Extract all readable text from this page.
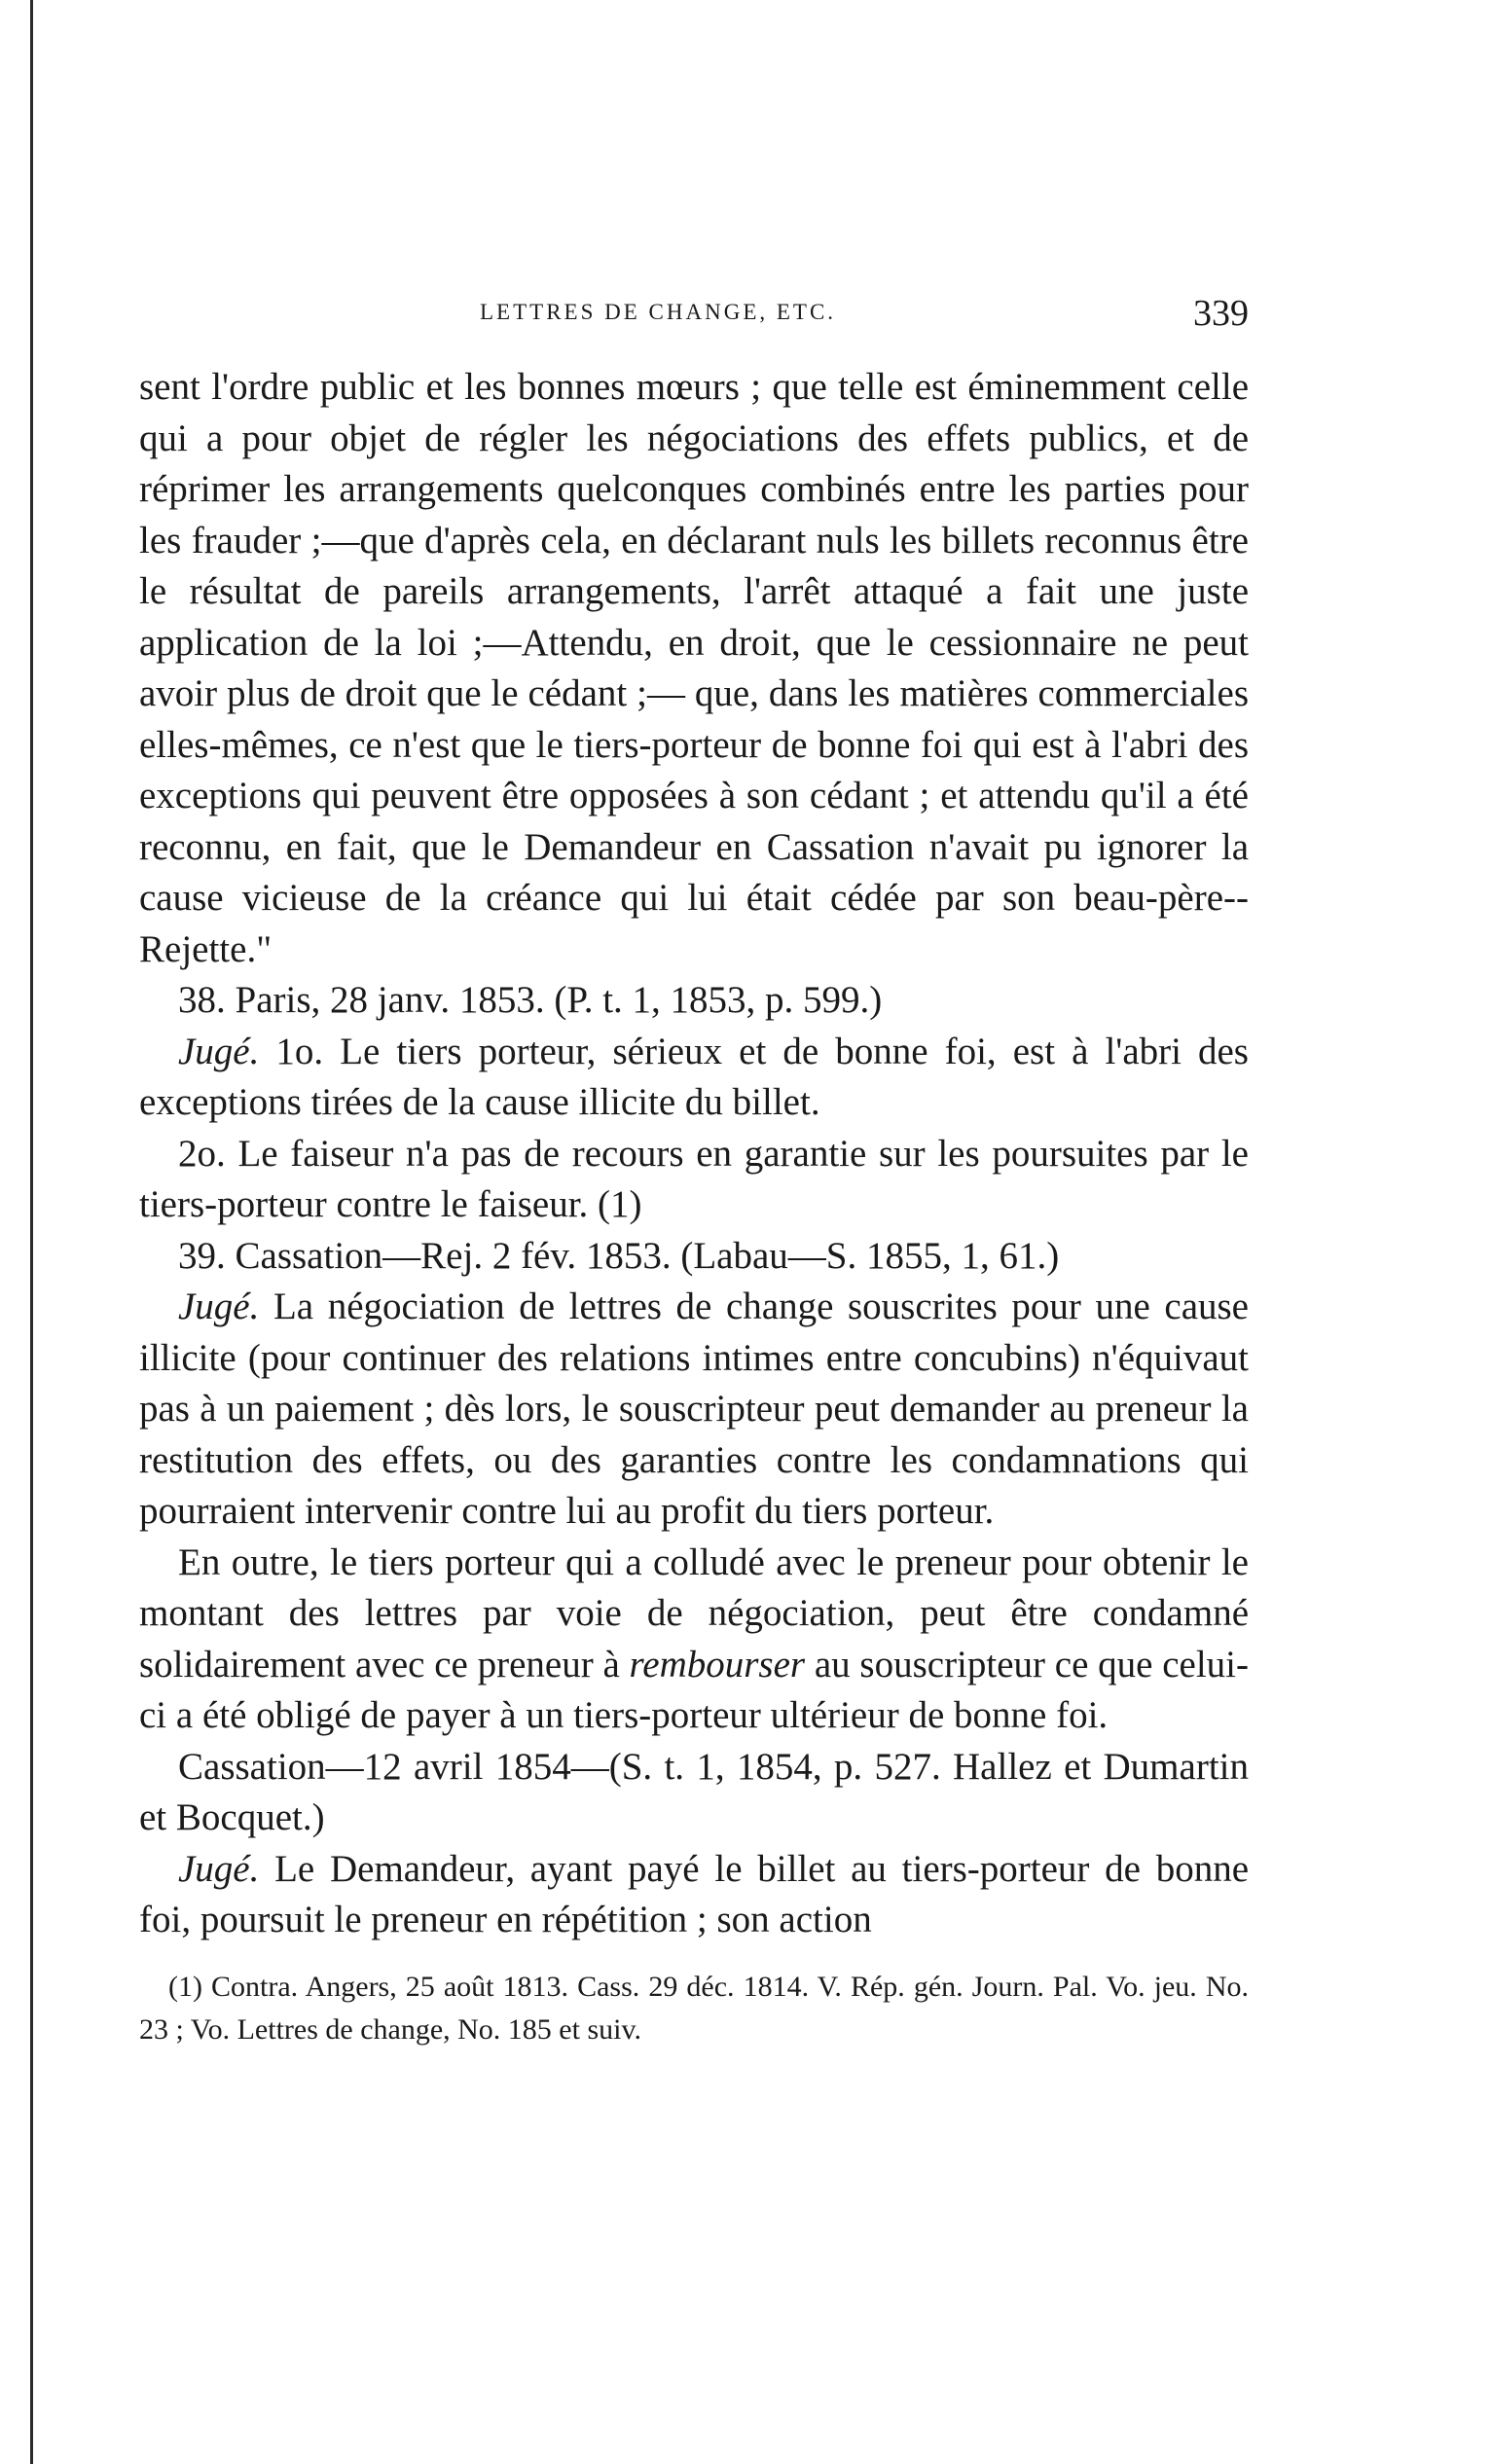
LETTRES DE CHANGE, ETC.	339

sent l'ordre public et les bonnes mœurs ; que telle est éminemment celle qui a pour objet de régler les négociations des effets publics, et de réprimer les arrangements quelconques combinés entre les parties pour les frauder ;—que d'après cela, en déclarant nuls les billets reconnus être le résultat de pareils arrangements, l'arrêt attaqué a fait une juste application de la loi ;—Attendu, en droit, que le cessionnaire ne peut avoir plus de droit que le cédant ;— que, dans les matières commerciales elles-mêmes, ce n'est que le tiers-porteur de bonne foi qui est à l'abri des exceptions qui peuvent être opposées à son cédant ; et attendu qu'il a été reconnu, en fait, que le Demandeur en Cassation n'avait pu ignorer la cause vicieuse de la créance qui lui était cédée par son beau-père-- Rejette."

38. Paris, 28 janv. 1853. (P. t. 1, 1853, p. 599.)

Jugé. 1o. Le tiers porteur, sérieux et de bonne foi, est à l'abri des exceptions tirées de la cause illicite du billet.

2o. Le faiseur n'a pas de recours en garantie sur les poursuites par le tiers-porteur contre le faiseur. (1)

39. Cassation—Rej. 2 fév. 1853. (Labau—S. 1855, 1, 61.)

Jugé. La négociation de lettres de change souscrites pour une cause illicite (pour continuer des relations intimes entre concubins) n'équivaut pas à un paiement ; dès lors, le souscripteur peut demander au preneur la restitution des effets, ou des garanties contre les condamnations qui pourraient intervenir contre lui au profit du tiers porteur.

En outre, le tiers porteur qui a colludé avec le preneur pour obtenir le montant des lettres par voie de négociation, peut être condamné solidairement avec ce preneur à rembourser au souscripteur ce que celui-ci a été obligé de payer à un tiers-porteur ultérieur de bonne foi.

Cassation—12 avril 1854—(S. t. 1, 1854, p. 527. Hallez et Dumartin et Bocquet.)

Jugé. Le Demandeur, ayant payé le billet au tiers-porteur de bonne foi, poursuit le preneur en répétition ; son action

(1) Contra. Angers, 25 août 1813. Cass. 29 déc. 1814. V. Rép. gén. Journ. Pal. Vo. jeu. No. 23 ; Vo. Lettres de change, No. 185 et suiv.
